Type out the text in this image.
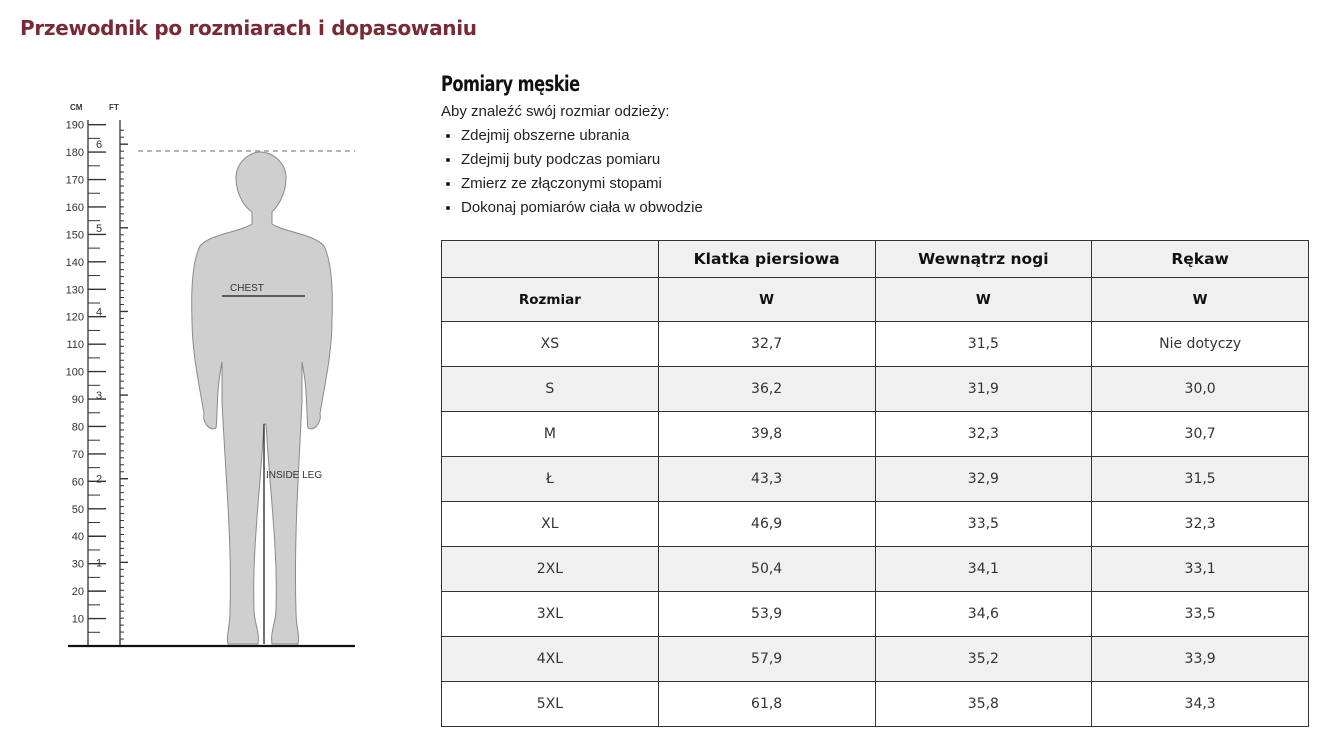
Przewodnik po rozmiarach i dopasowaniu
CHEST
INSIDE LEG
CM	FT
190
180
170
160
150
140
130
120
110
100
90
80
70
60
50
40
30
20
10
6
5
4
3
2
1
Pomiary męskie
Aby znaleźć swój rozmiar odzieży:
• Zdejmij obszerne ubrania
• Zdejmij buty podczas pomiaru
• Zmierz ze złączonymi stopami
• Dokonaj pomiarów ciała w obwodzie
	Klatka piersiowa	Wewnątrz nogi	Rękaw
Rozmiar	W	W	W
XS	32,7	31,5	Nie dotyczy
S	36,2	31,9	30,0
M	39,8	32,3	30,7
Ł	43,3	32,9	31,5
XL	46,9	33,5	32,3
2XL	50,4	34,1	33,1
3XL	53,9	34,6	33,5
4XL	57,9	35,2	33,9
5XL	61,8	35,8	34,3
